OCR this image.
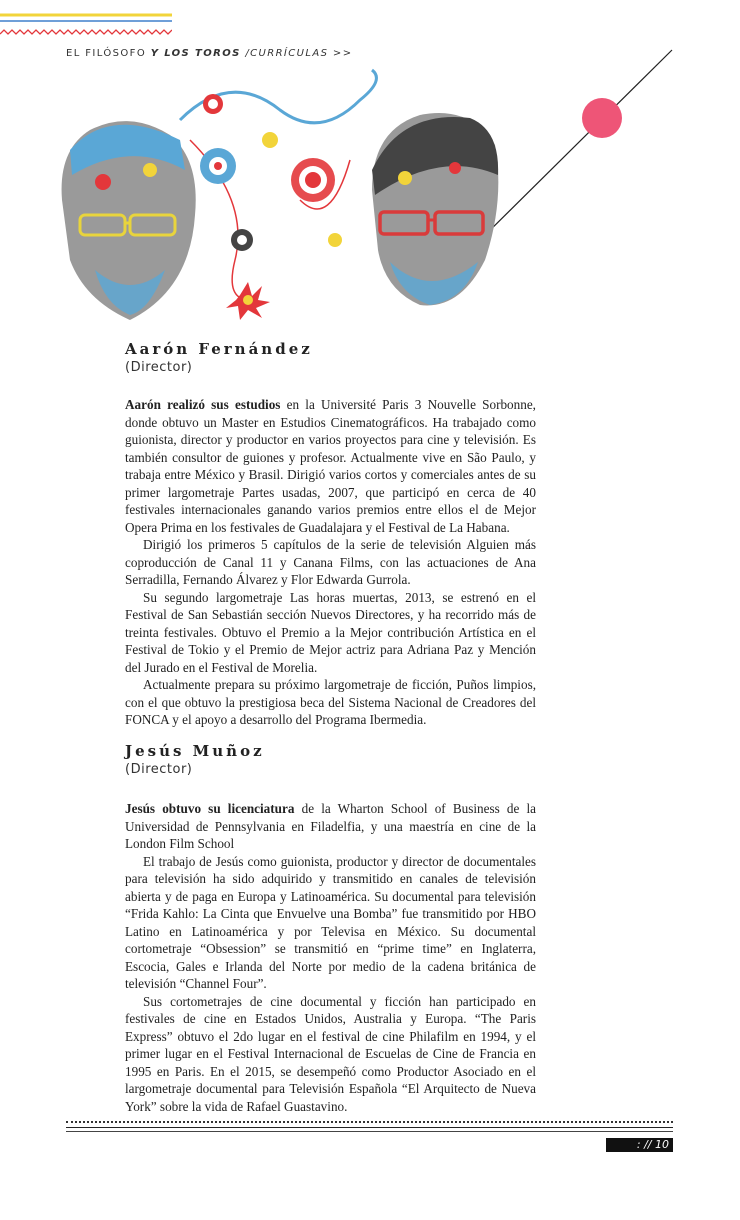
EL FILÓSOFO Y LOS TOROS /CURRÍCULAS >>
Aarón Fernández
(Director)

Aarón realizó sus estudios en la Université Paris 3 Nouvelle Sorbonne, donde obtuvo un Master en Estudios Cinematográficos. Ha trabajado como guionista, director y productor en varios proyectos para cine y televisión. Es también consultor de guiones y profesor. Actualmente vive en São Paulo, y trabaja entre México y Brasil. Dirigió varios cortos y comerciales antes de su primer largometraje Partes usadas, 2007, que participó en cerca de 40 festivales internacionales ganando varios premios entre ellos el de Mejor Opera Prima en los festivales de Guadalajara y el Festival de La Habana.

Dirigió los primeros 5 capítulos de la serie de televisión Alguien más coproducción de Canal 11 y Canana Films, con las actuaciones de Ana Serradilla, Fernando Álvarez y Flor Edwarda Gurrola.

Su segundo largometraje Las horas muertas, 2013, se estrenó en el Festival de San Sebastián sección Nuevos Directores, y ha recorrido más de treinta festivales. Obtuvo el Premio a la Mejor contribución Artística en el Festival de Tokio y el Premio de Mejor actriz para Adriana Paz y Mención del Jurado en el Festival de Morelia.

Actualmente prepara su próximo largometraje de ficción, Puños limpios, con el que obtuvo la prestigiosa beca del Sistema Nacional de Creadores del FONCA y el apoyo a desarrollo del Programa Ibermedia.

Jesús Muñoz
(Director)

Jesús obtuvo su licenciatura de la Wharton School of Business de la Universidad de Pennsylvania en Filadelfia, y una maestría en cine de la London Film School

El trabajo de Jesús como guionista, productor y director de documentales para televisión ha sido adquirido y transmitido en canales de televisión abierta y de paga en Europa y Latinoamérica. Su documental para televisión “Frida Kahlo: La Cinta que Envuelve una Bomba” fue transmitido por HBO Latino en Latinoamérica y por Televisa en México. Su documental cortometraje “Obsession” se transmitió en “prime time” en Inglaterra, Escocia, Gales e Irlanda del Norte por medio de la cadena británica de televisión “Channel Four”.

Sus cortometrajes de cine documental y ficción han participado en festivales de cine en Estados Unidos, Australia y Europa. “The Paris Express” obtuvo el 2do lugar en el festival de cine Philafilm en 1994, y el primer lugar en el Festival Internacional de Escuelas de Cine de Francia en 1995 en Paris. En el 2015, se desempeñó como Productor Asociado en el largometraje documental para Televisión Española “El Arquitecto de Nueva York” sobre la vida de Rafael Guastavino.

: // 10
